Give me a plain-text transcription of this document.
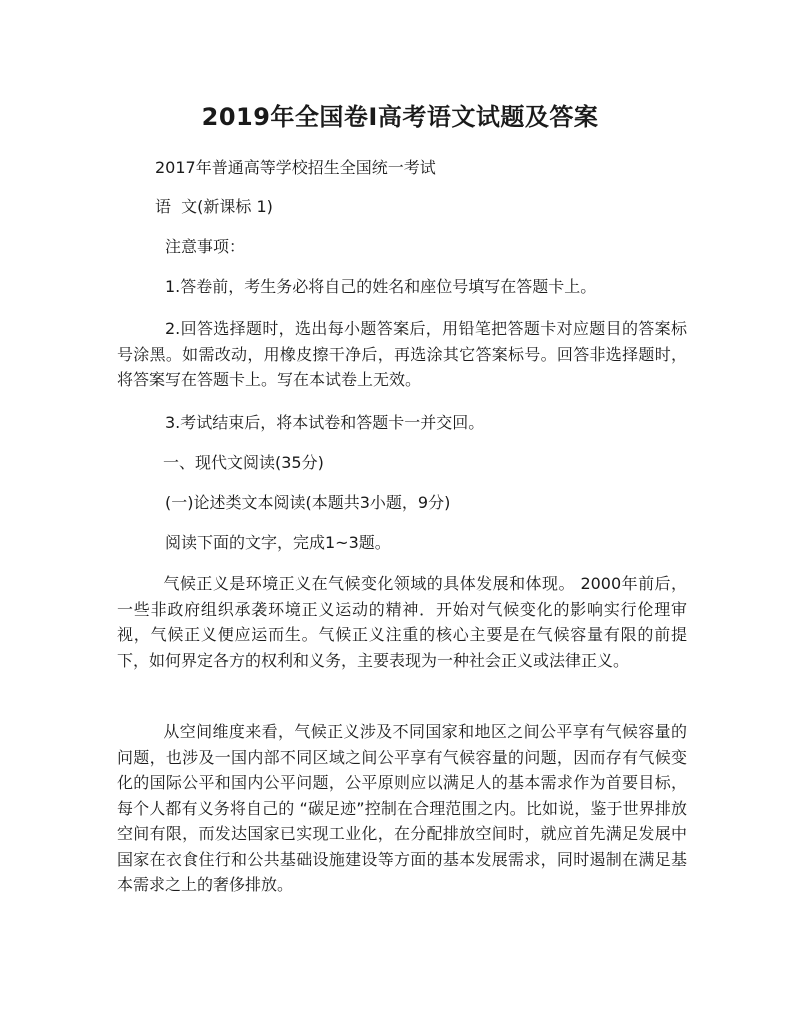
2019年全国卷Ⅰ高考语文试题及答案

2017年普通高等学校招生全国统一考试

语  文(新课标 1)

注意事项：

1.答卷前，考生务必将自己的姓名和座位号填写在答题卡上。

2.回答选择题时，选出每小题答案后，用铅笔把答题卡对应题目的答案标号涂黑。如需改动，用橡皮擦干净后，再选涂其它答案标号。回答非选择题时，将答案写在答题卡上。写在本试卷上无效。

3.考试结束后，将本试卷和答题卡一并交回。

一、现代文阅读(35分)

(一)论述类文本阅读(本题共3小题，9分)

阅读下面的文字，完成1~3题。

气候正义是环境正义在气候变化领域的具体发展和体现。 2000年前后，一些非政府组织承袭环境正义运动的精神．开始对气候变化的影响实行伦理审视，气候正义便应运而生。气候正义注重的核心主要是在气候容量有限的前提下，如何界定各方的权利和义务，主要表现为一种社会正义或法律正义。

从空间维度来看，气候正义涉及不同国家和地区之间公平享有气候容量的问题，也涉及一国内部不同区域之间公平享有气候容量的问题，因而存有气候变化的国际公平和国内公平问题，公平原则应以满足人的基本需求作为首要目标，每个人都有义务将自己的 “碳足迹”控制在合理范围之内。比如说，鉴于世界排放空间有限，而发达国家已实现工业化，在分配排放空间时，就应首先满足发展中国家在衣食住行和公共基础设施建设等方面的基本发展需求，同时遏制在满足基本需求之上的奢侈排放。
